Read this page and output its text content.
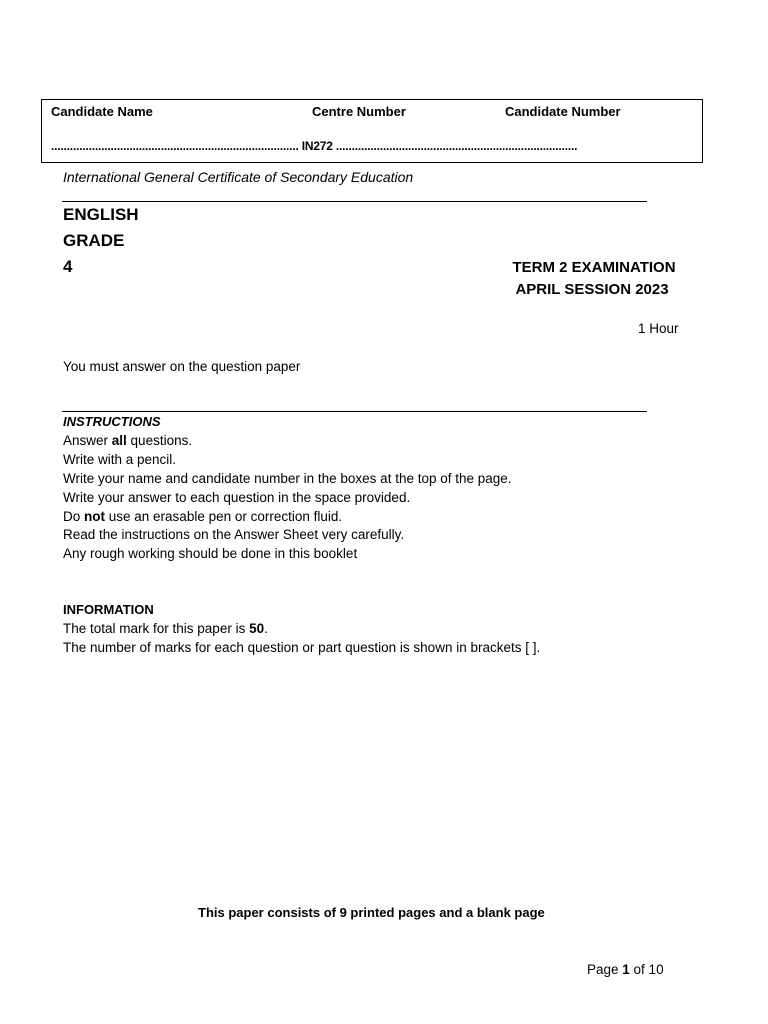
Candidate Name	Centre Number	Candidate Number
............................................................................... IN272 .............................................................................
International General Certificate of Secondary Education
ENGLISH
GRADE
4	TERM 2 EXAMINATION
APRIL SESSION 2023
1 Hour
You must answer on the question paper
INSTRUCTIONS
Answer all questions.
Write with a pencil.
Write your name and candidate number in the boxes at the top of the page.
Write your answer to each question in the space provided.
Do not use an erasable pen or correction fluid.
Read the instructions on the Answer Sheet very carefully.
Any rough working should be done in this booklet
INFORMATION
The total mark for this paper is 50.
The number of marks for each question or part question is shown in brackets [ ].
This paper consists of 9 printed pages and a blank page
Page 1 of 10
